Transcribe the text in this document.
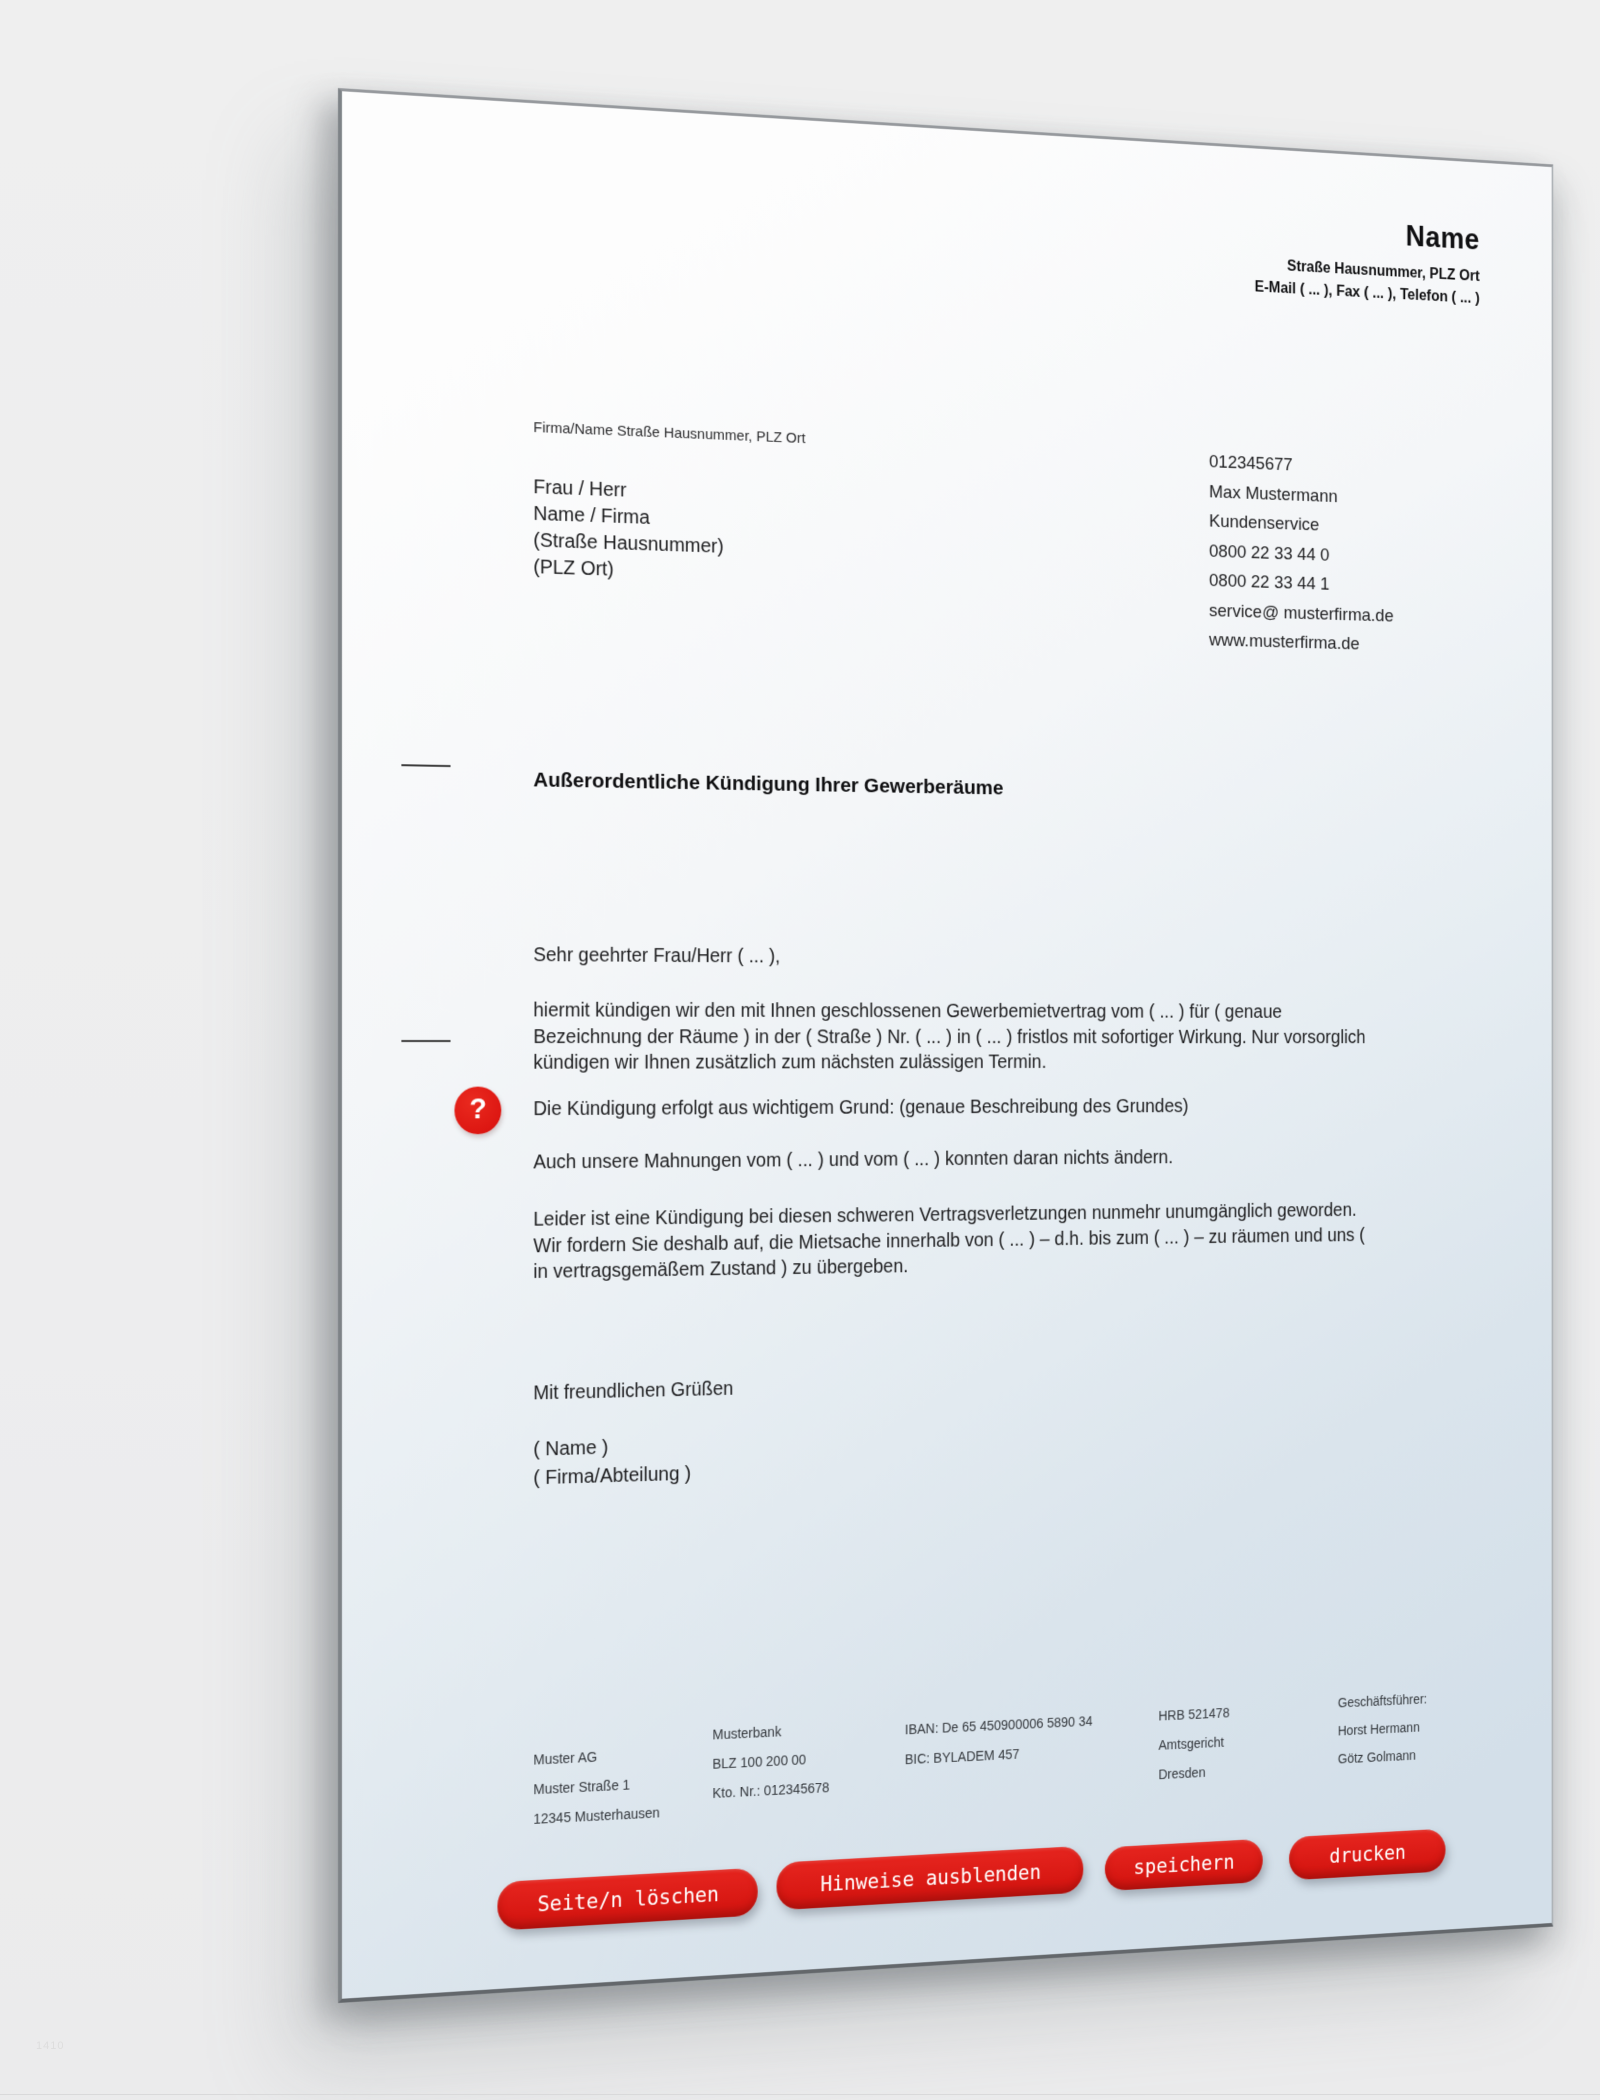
Name
Straße Hausnummer, PLZ Ort
E-Mail ( ... ), Fax ( ... ), Telefon ( ... )
Firma/Name Straße Hausnummer, PLZ Ort
Frau / Herr
Name / Firma
(Straße Hausnummer)
(PLZ Ort)
012345677
Max Mustermann
Kundenservice
0800 22 33 44 0
0800 22 33 44 1
service@ musterfirma.de
www.musterfirma.de
Außerordentliche Kündigung Ihrer Gewerberäume
Sehr geehrter Frau/Herr ( ... ),
hiermit kündigen wir den mit Ihnen geschlossenen Gewerbemietvertrag vom ( ... ) für ( genaue Bezeichnung der Räume ) in der ( Straße ) Nr. ( ... ) in ( ... ) fristlos mit sofortiger Wirkung. Nur vorsorglich kündigen wir Ihnen zusätzlich zum nächsten zulässigen Termin.
? Die Kündigung erfolgt aus wichtigem Grund: (genaue Beschreibung des Grundes)
Auch unsere Mahnungen vom ( ... ) und vom ( ... ) konnten daran nichts ändern.
Leider ist eine Kündigung bei diesen schweren Vertragsverletzungen nunmehr unumgänglich geworden. Wir fordern Sie deshalb auf, die Mietsache innerhalb von ( ... ) – d.h. bis zum ( ... ) – zu räumen und uns ( in vertragsgemäßem Zustand ) zu übergeben.
Mit freundlichen Grüßen
( Name )
( Firma/Abteilung )
Muster AG
Muster Straße 1
12345 Musterhausen
Musterbank
BLZ 100 200 00
Kto. Nr.: 012345678
IBAN: De 65 450900006 5890 34
BIC: BYLADEM 457
HRB 521478
Amtsgericht
Dresden
Geschäftsführer:
Horst Hermann
Götz Golmann
Seite/n löschen
Hinweise ausblenden	speichern	drucken
1410
